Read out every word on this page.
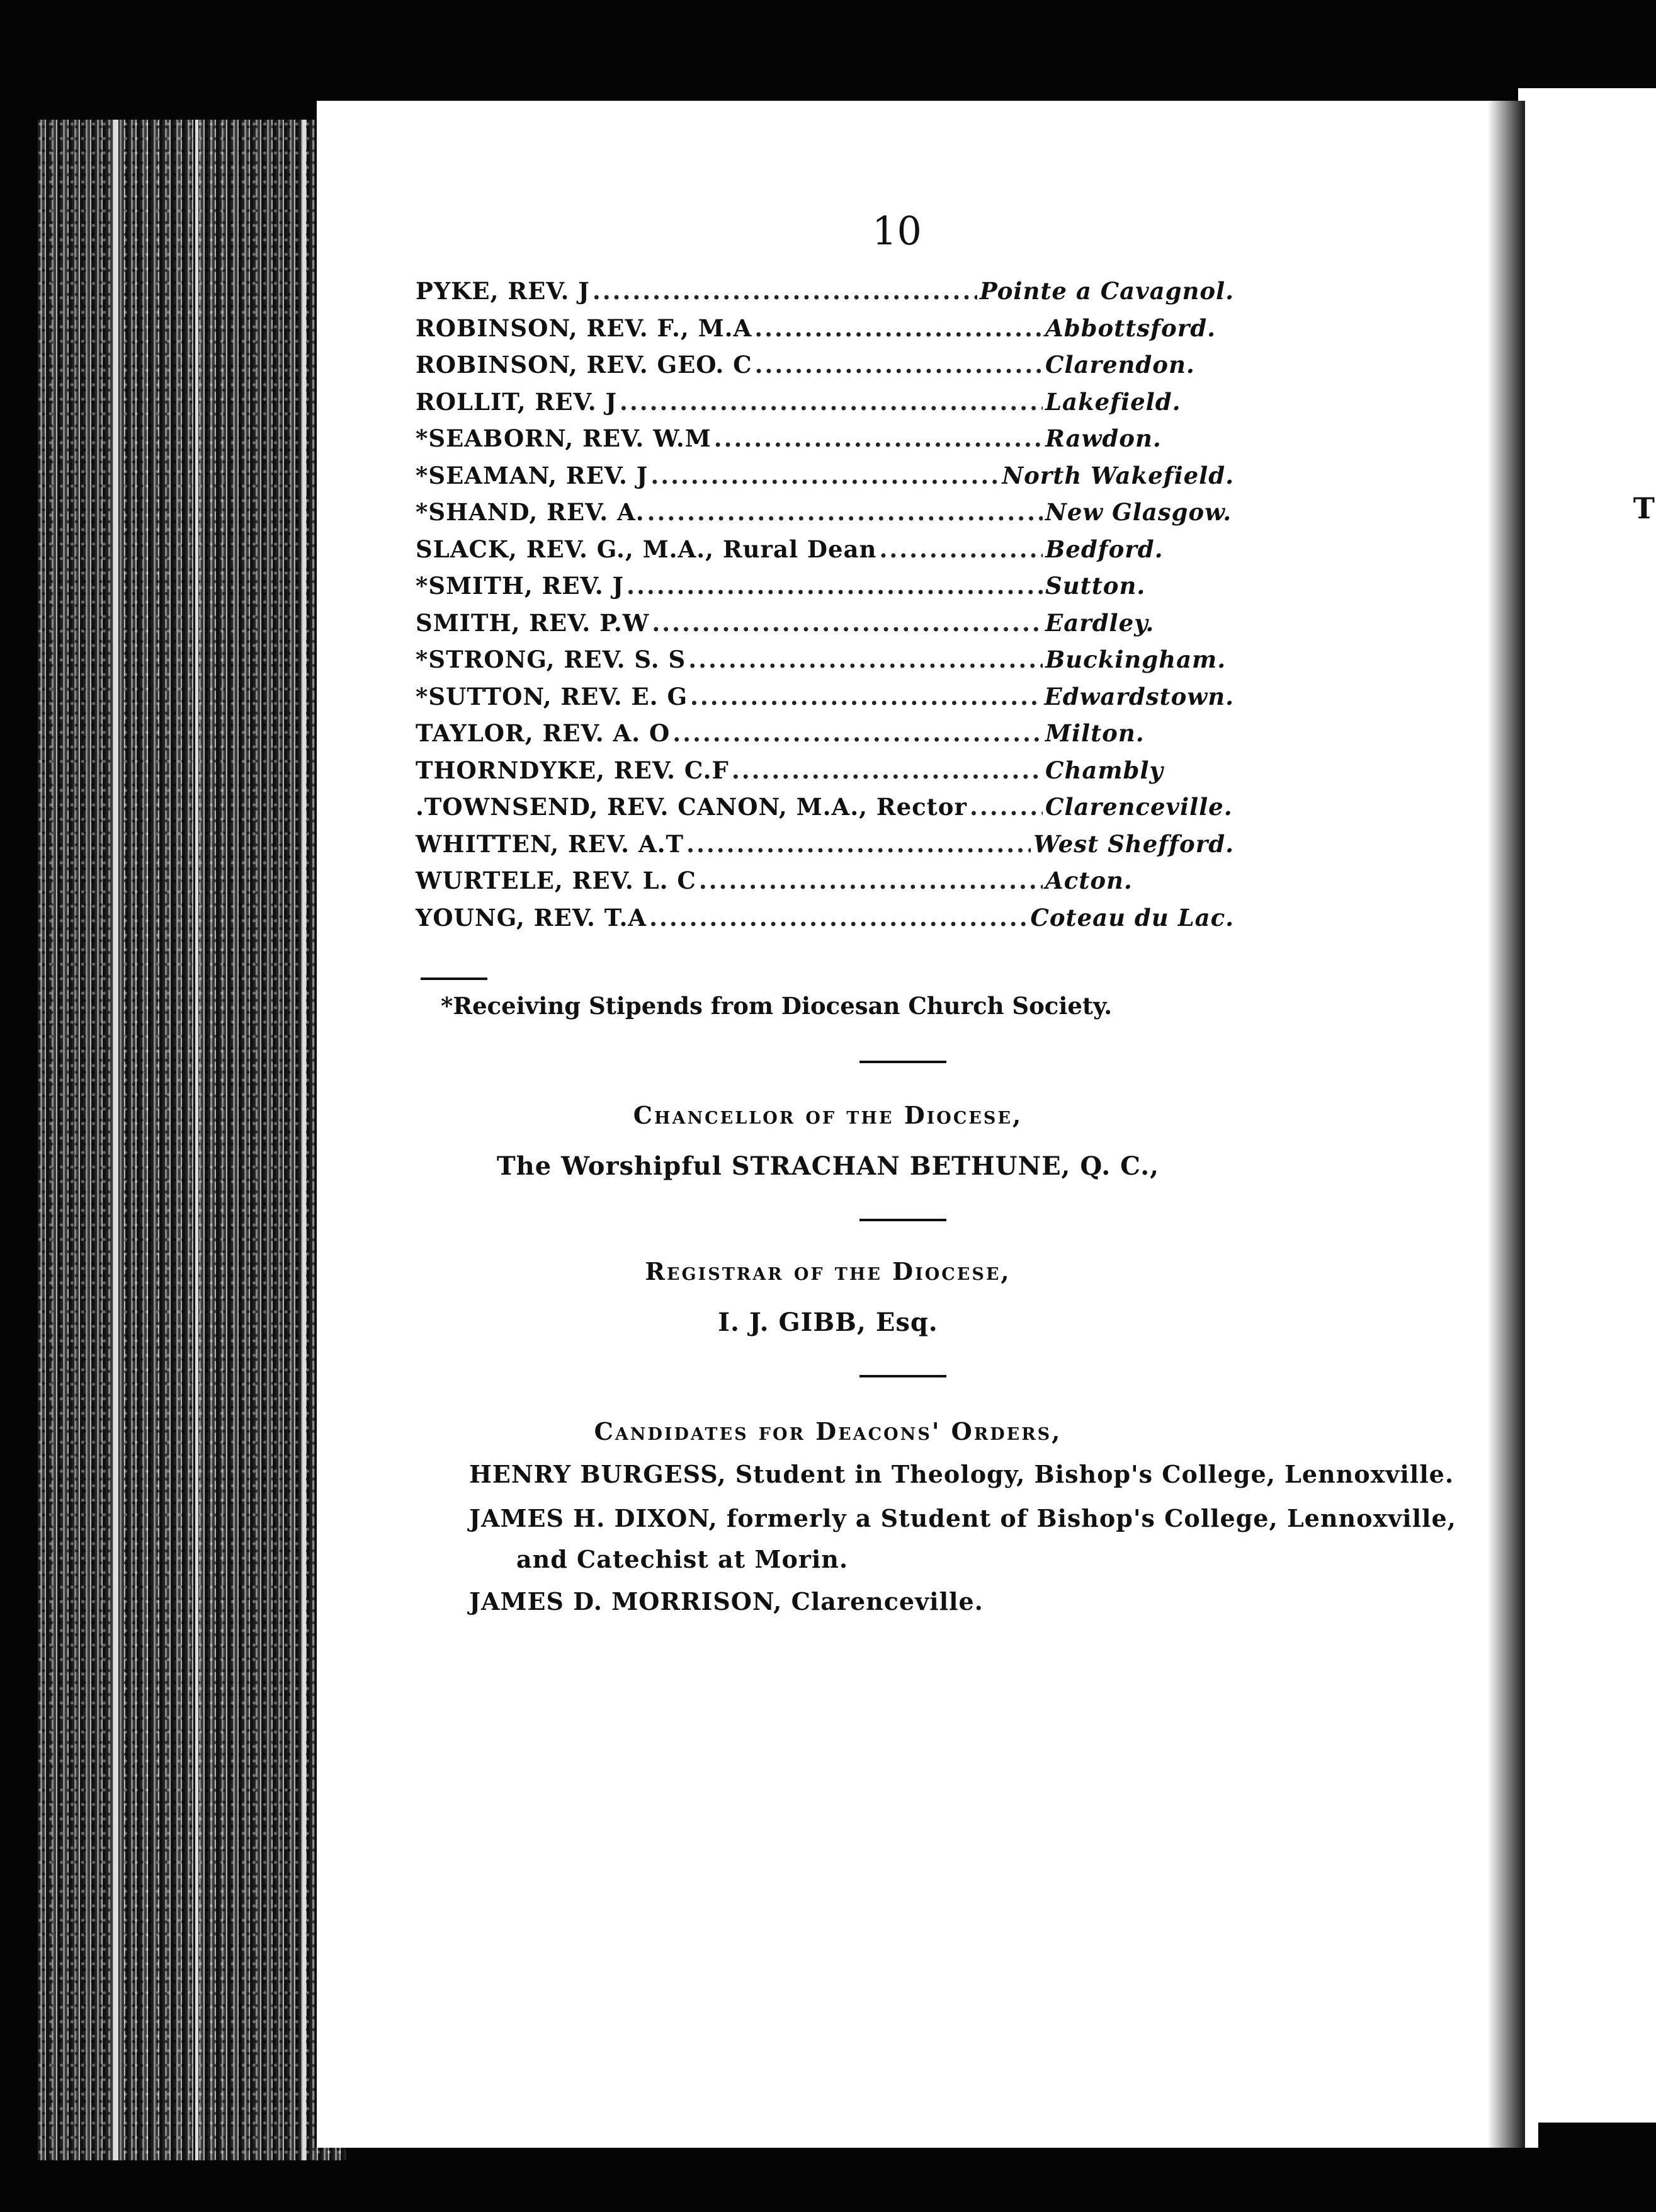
T
10
PYKE, REV. J .....	Pointe a Cavagnol.
ROBINSON, REV. F., M.A .....	Abbottsford.
ROBINSON, REV. GEO. C .....	Clarendon.
ROLLIT, REV. J .....	Lakefield.
*SEABORN, REV. W.M .....	Rawdon.
*SEAMAN, REV. J .....	North Wakefield.
*SHAND, REV. A. .....	New Glasgow.
SLACK, REV. G., M.A., Rural Dean .....	Bedford.
*SMITH, REV. J .....	Sutton.
SMITH, REV. P.W .....	Eardley.
*STRONG, REV. S. S .....	Buckingham.
*SUTTON, REV. E. G .....	Edwardstown.
TAYLOR, REV. A. O .....	Milton.
THORNDYKE, REV. C.F .....	Chambly
.TOWNSEND, REV. CANON, M.A., Rector .....	Clarenceville.
WHITTEN, REV. A.T .....	West Shefford.
WURTELE, REV. L. C .....	Acton.
YOUNG, REV. T.A .....	Coteau du Lac.
*Receiving Stipends from Diocesan Church Society.
Chancellor of the Diocese,
The Worshipful STRACHAN BETHUNE, Q. C.,
Registrar of the Diocese,
I. J. GIBB, Esq.
Candidates for Deacons' Orders,
HENRY BURGESS, Student in Theology, Bishop's College, Lennoxville.
JAMES H. DIXON, formerly a Student of Bishop's College, Lennoxville,
and Catechist at Morin.
JAMES D. MORRISON, Clarenceville.
